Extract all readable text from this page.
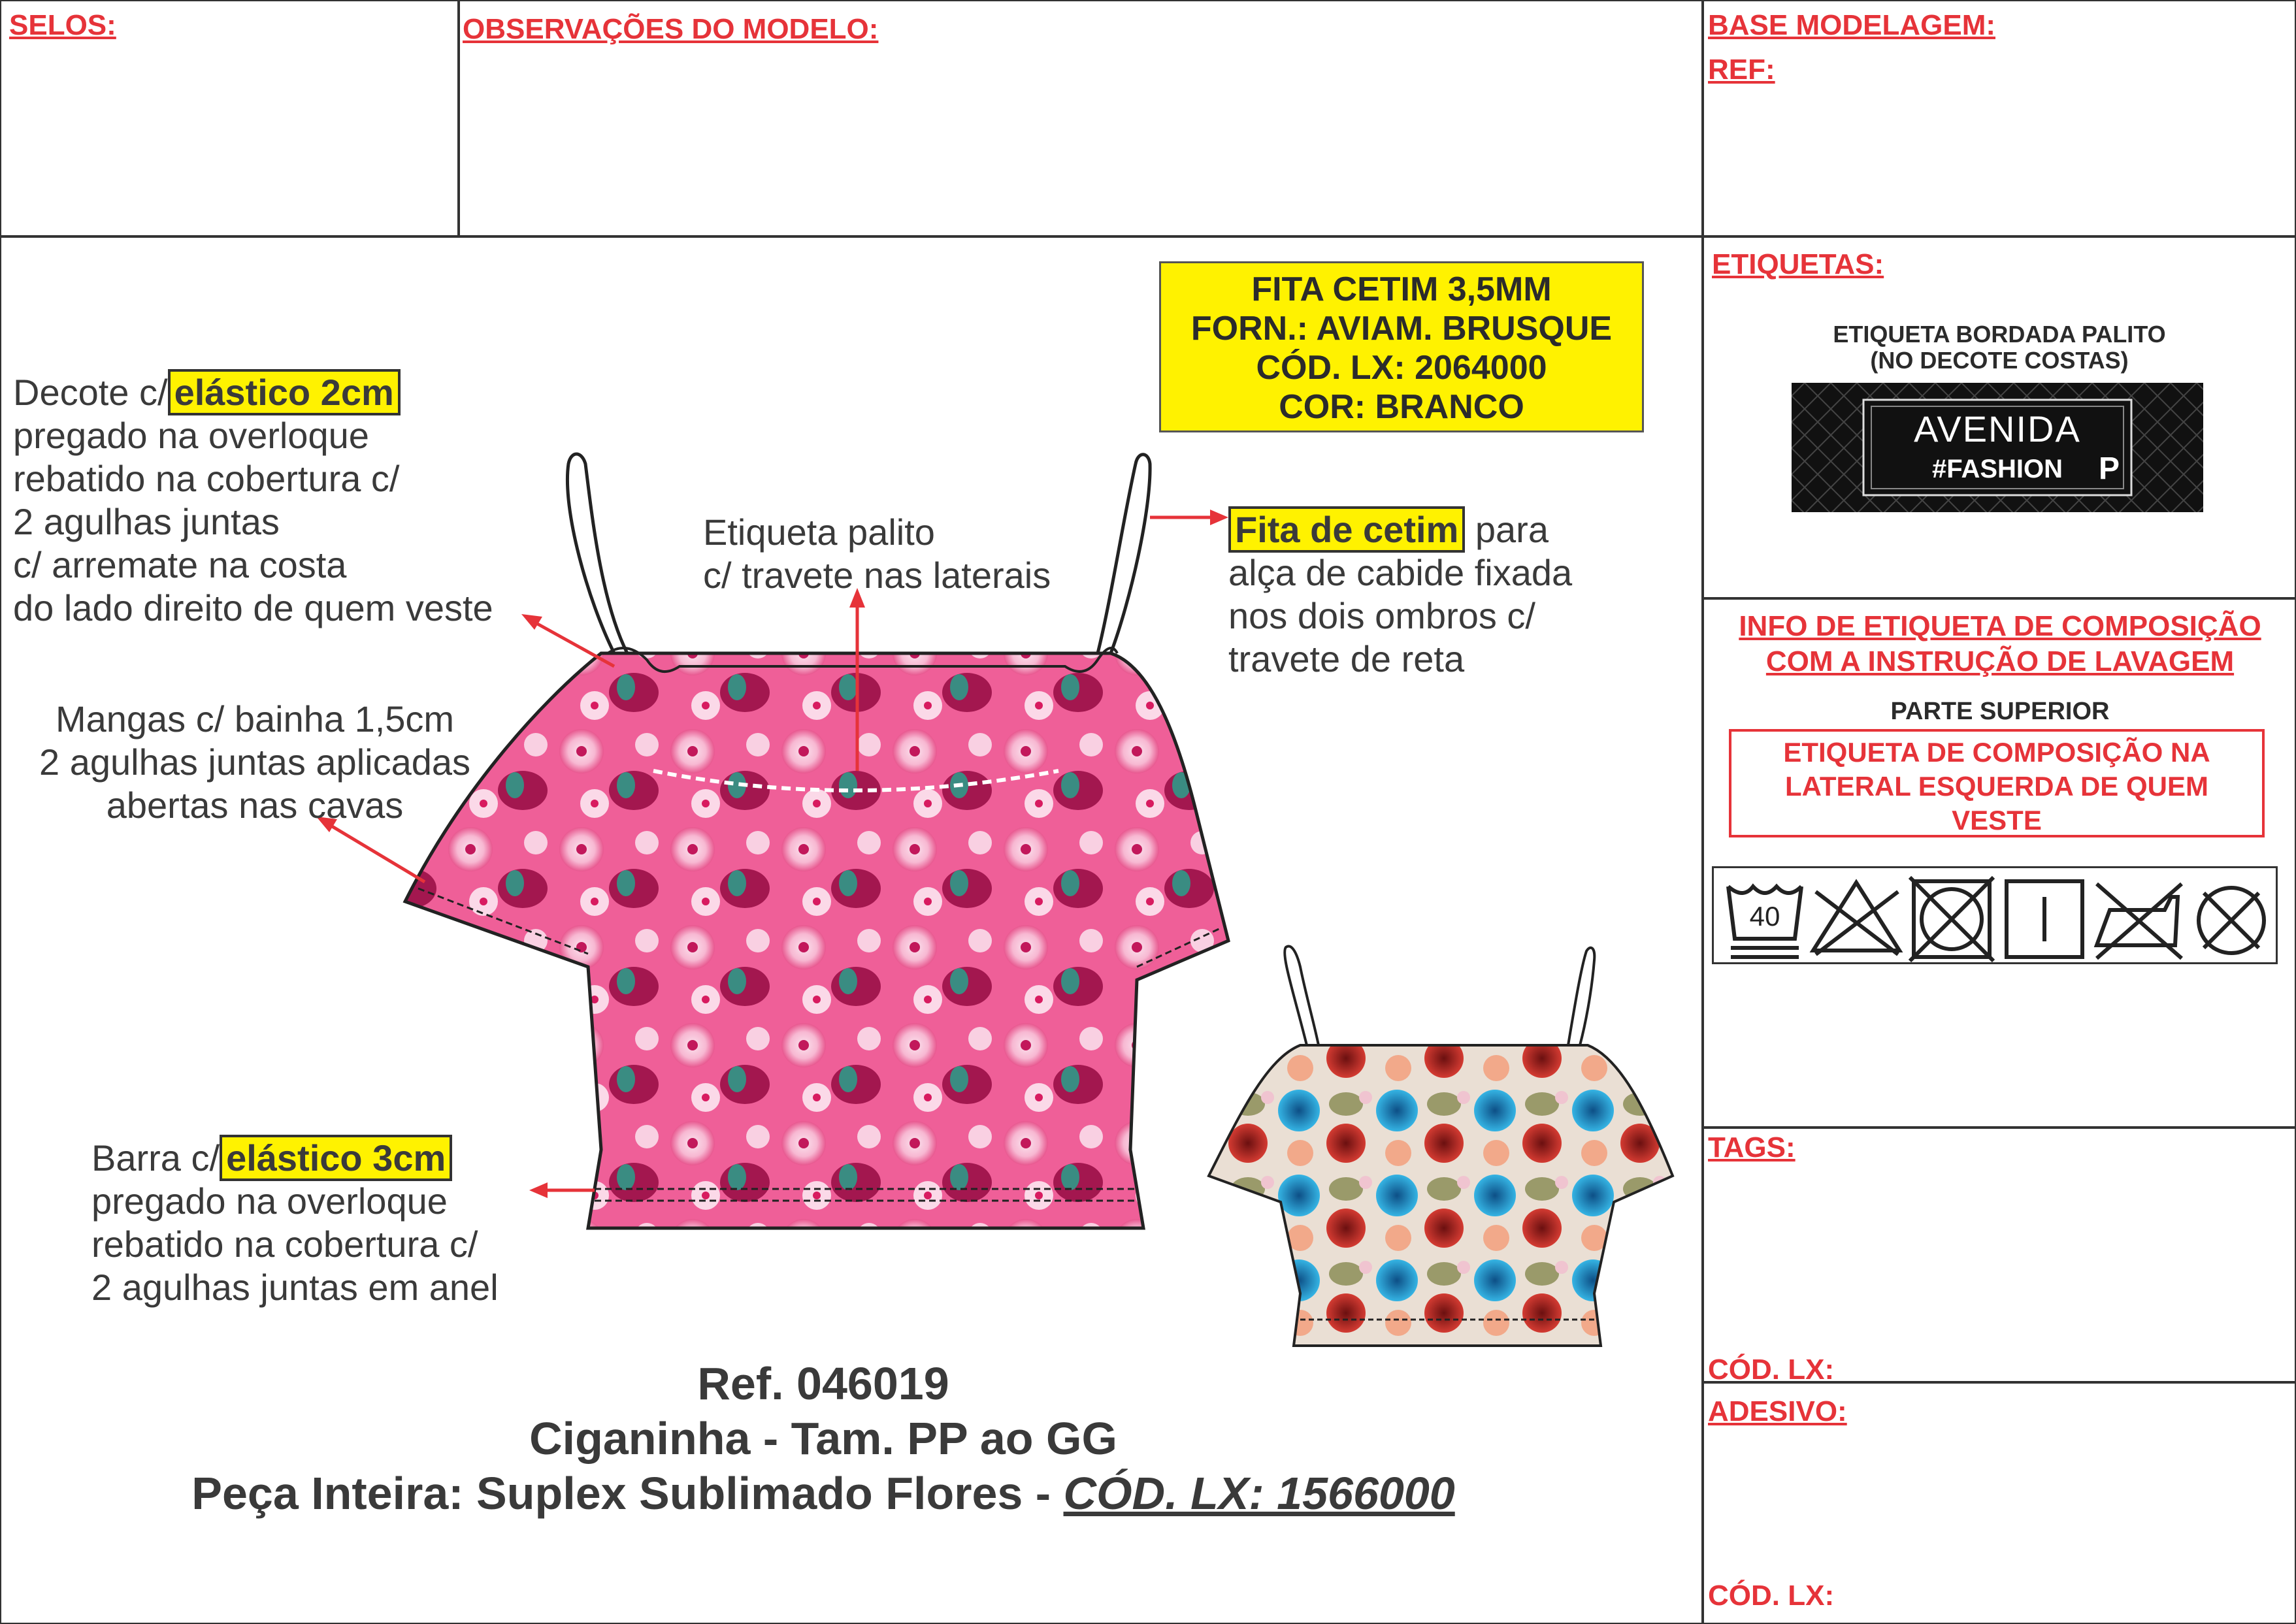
SELOS:	OBSERVAÇÕES DO MODELO:	BASE MODELAGEM:
REF:
ETIQUETAS:
ETIQUETA BORDADA PALITO
(NO DECOTE COSTAS)
AVENIDA
#FASHION	P
INFO DE ETIQUETA DE COMPOSIÇÃO
COM A INSTRUÇÃO DE LAVAGEM
PARTE SUPERIOR
ETIQUETA DE COMPOSIÇÃO NA
LATERAL ESQUERDA DE QUEM
VESTE
40
TAGS:
CÓD. LX:
ADESIVO:
CÓD. LX:
FITA CETIM 3,5MM
FORN.: AVIAM. BRUSQUE
CÓD. LX: 2064000
COR: BRANCO
Decote c/ elástico 2cm
pregado na overloque
rebatido na cobertura c/
2 agulhas juntas
c/ arremate na costa
do lado direito de quem veste
Etiqueta palito
c/ travete nas laterais
Fita de cetim para
alça de cabide fixada
nos dois ombros c/
travete de reta
Mangas c/ bainha 1,5cm
2 agulhas juntas aplicadas
abertas nas cavas
Barra c/ elástico 3cm
pregado na overloque
rebatido na cobertura c/
2 agulhas juntas em anel
Ref. 046019
Ciganinha - Tam. PP ao GG
Peça Inteira: Suplex Sublimado Flores - CÓD. LX: 1566000
